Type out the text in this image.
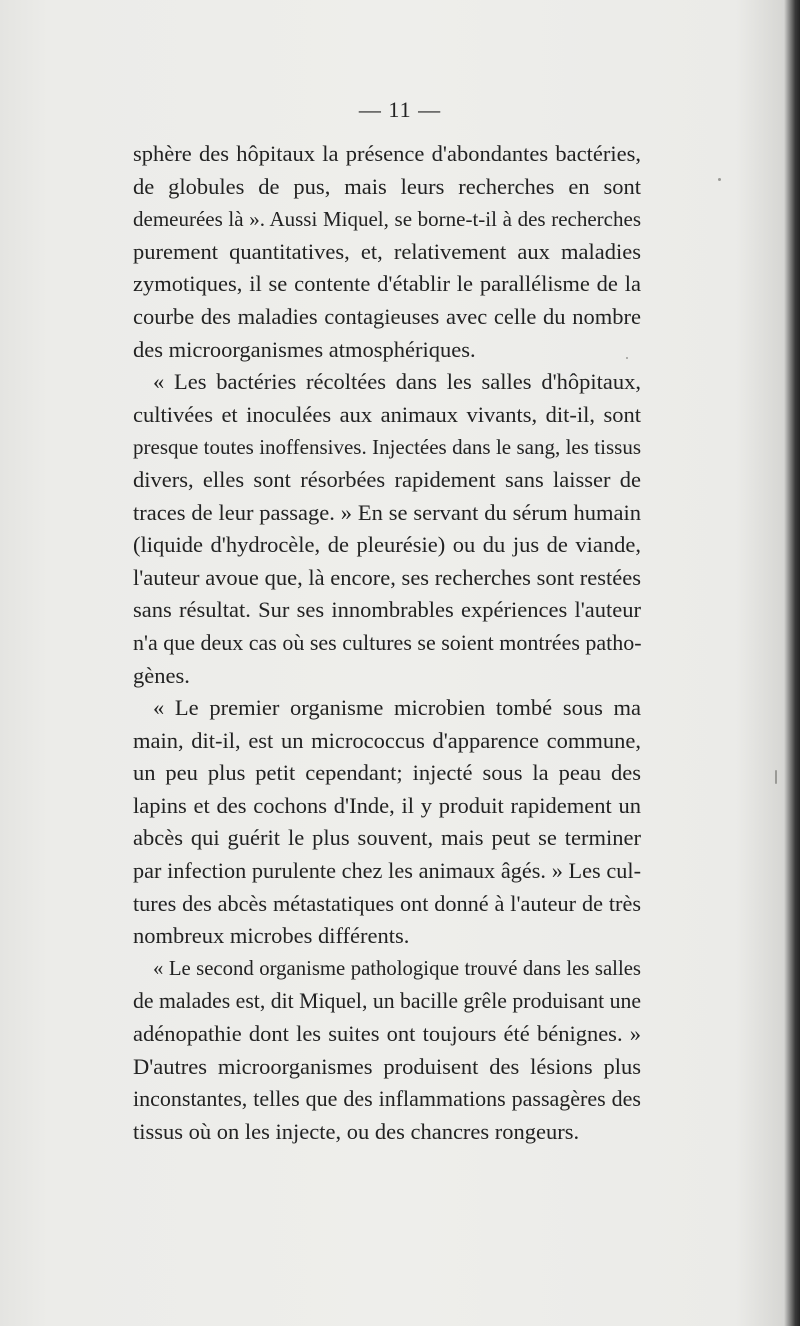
— 11 —
sphère des hôpitaux la présence d'abondantes bactéries,
de globules de pus, mais leurs recherches en sont
demeurées là ». Aussi Miquel, se borne-t-il à des recherches
purement quantitatives, et, relativement aux maladies
zymotiques, il se contente d'établir le parallélisme de la
courbe des maladies contagieuses avec celle du nombre
des microorganismes atmosphériques.
« Les bactéries récoltées dans les salles d'hôpitaux,
cultivées et inoculées aux animaux vivants, dit-il, sont
presque toutes inoffensives. Injectées dans le sang, les tissus
divers, elles sont résorbées rapidement sans laisser de
traces de leur passage. » En se servant du sérum humain
(liquide d'hydrocèle, de pleurésie) ou du jus de viande,
l'auteur avoue que, là encore, ses recherches sont restées
sans résultat. Sur ses innombrables expériences l'auteur
n'a que deux cas où ses cultures se soient montrées patho-
gènes.
« Le premier organisme microbien tombé sous ma
main, dit-il, est un micrococcus d'apparence commune,
un peu plus petit cependant; injecté sous la peau des
lapins et des cochons d'Inde, il y produit rapidement un
abcès qui guérit le plus souvent, mais peut se terminer
par infection purulente chez les animaux âgés. » Les cul-
tures des abcès métastatiques ont donné à l'auteur de très
nombreux microbes différents.
« Le second organisme pathologique trouvé dans les salles
de malades est, dit Miquel, un bacille grêle produisant une
adénopathie dont les suites ont toujours été bénignes. »
D'autres microorganismes produisent des lésions plus
inconstantes, telles que des inflammations passagères des
tissus où on les injecte, ou des chancres rongeurs.
